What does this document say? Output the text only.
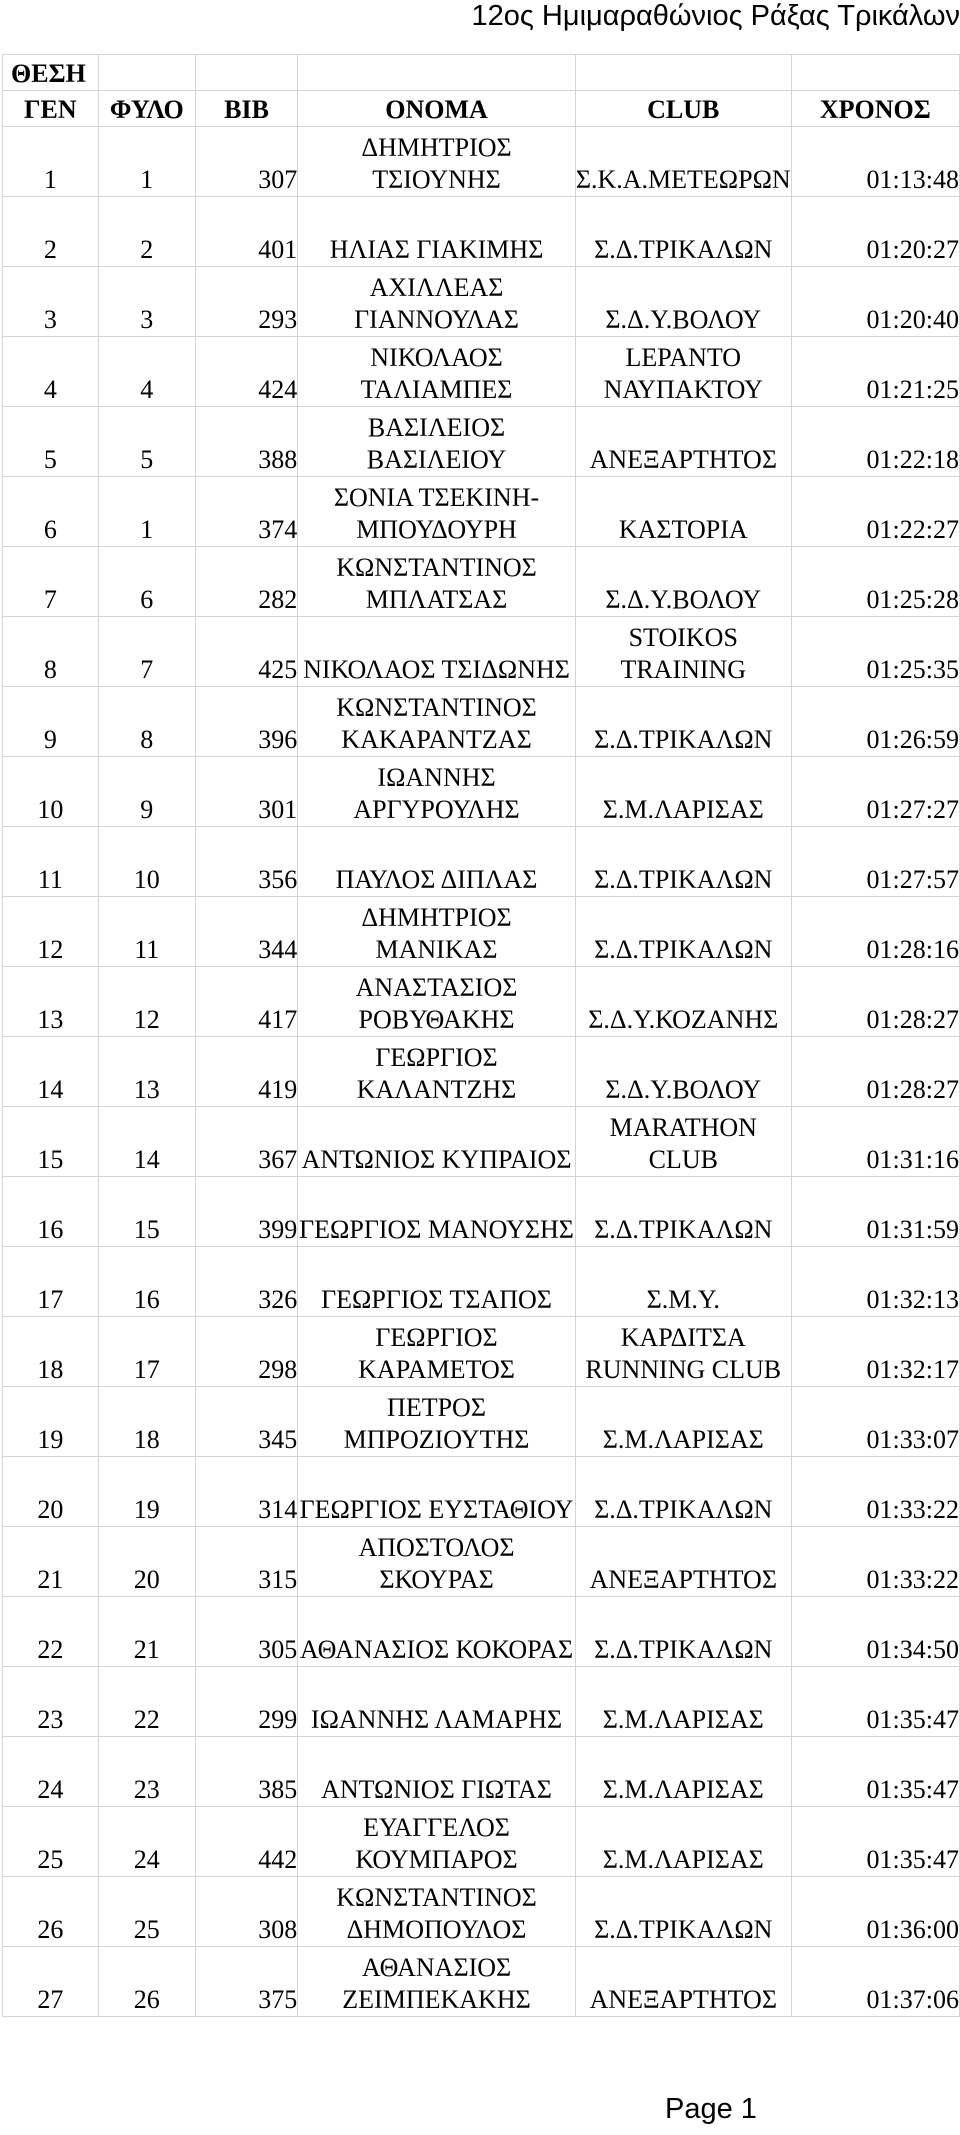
12ος Ημιμαραθώνιος Ράξας Τρικάλων
ΘΕΣΗ					
ΓΕΝ	ΦΥΛΟ	BIB	ΟΝΟΜΑ	CLUB	ΧΡΟΝΟΣ
1	1	307	ΔΗΜΗΤΡΙΟΣ ΤΣΙΟΥΝΗΣ	Σ.Κ.Α.ΜΕΤΕΩΡΩΝ	01:13:48
2	2	401	ΗΛΙΑΣ ΓΙΑΚΙΜΗΣ	Σ.Δ.ΤΡΙΚΑΛΩΝ	01:20:27
3	3	293	ΑΧΙΛΛΕΑΣ ΓΙΑΝΝΟΥΛΑΣ	Σ.Δ.Υ.ΒΟΛΟΥ	01:20:40
4	4	424	ΝΙΚΟΛΑΟΣ ΤΑΛΙΑΜΠΕΣ	LEPANTO ΝΑΥΠΑΚΤΟΥ	01:21:25
5	5	388	ΒΑΣΙΛΕΙΟΣ ΒΑΣΙΛΕΙΟΥ	ΑΝΕΞΑΡΤΗΤΟΣ	01:22:18
6	1	374	ΣΟΝΙΑ ΤΣΕΚΙΝΗ-ΜΠΟΥΔΟΥΡΗ	ΚΑΣΤΟΡΙΑ	01:22:27
7	6	282	ΚΩΝΣΤΑΝΤΙΝΟΣ ΜΠΛΑΤΣΑΣ	Σ.Δ.Υ.ΒΟΛΟΥ	01:25:28
8	7	425	ΝΙΚΟΛΑΟΣ ΤΣΙΔΩΝΗΣ	STOIKOS TRAINING	01:25:35
9	8	396	ΚΩΝΣΤΑΝΤΙΝΟΣ ΚΑΚΑΡΑΝΤΖΑΣ	Σ.Δ.ΤΡΙΚΑΛΩΝ	01:26:59
10	9	301	ΙΩΑΝΝΗΣ ΑΡΓΥΡΟΥΛΗΣ	Σ.Μ.ΛΑΡΙΣΑΣ	01:27:27
11	10	356	ΠΑΥΛΟΣ ΔΙΠΛΑΣ	Σ.Δ.ΤΡΙΚΑΛΩΝ	01:27:57
12	11	344	ΔΗΜΗΤΡΙΟΣ ΜΑΝΙΚΑΣ	Σ.Δ.ΤΡΙΚΑΛΩΝ	01:28:16
13	12	417	ΑΝΑΣΤΑΣΙΟΣ ΡΟΒΥΘΑΚΗΣ	Σ.Δ.Υ.ΚΟΖΑΝΗΣ	01:28:27
14	13	419	ΓΕΩΡΓΙΟΣ ΚΑΛΑΝΤΖΗΣ	Σ.Δ.Υ.ΒΟΛΟΥ	01:28:27
15	14	367	ΑΝΤΩΝΙΟΣ ΚΥΠΡΑΙΟΣ	MARATHON CLUB	01:31:16
16	15	399	ΓΕΩΡΓΙΟΣ ΜΑΝΟΥΣΗΣ	Σ.Δ.ΤΡΙΚΑΛΩΝ	01:31:59
17	16	326	ΓΕΩΡΓΙΟΣ ΤΣΑΠΟΣ	Σ.Μ.Υ.	01:32:13
18	17	298	ΓΕΩΡΓΙΟΣ ΚΑΡΑΜΕΤΟΣ	ΚΑΡΔΙΤΣΑ RUNNING CLUB	01:32:17
19	18	345	ΠΕΤΡΟΣ ΜΠΡΟΖΙΟΥΤΗΣ	Σ.Μ.ΛΑΡΙΣΑΣ	01:33:07
20	19	314	ΓΕΩΡΓΙΟΣ ΕΥΣΤΑΘΙΟΥ	Σ.Δ.ΤΡΙΚΑΛΩΝ	01:33:22
21	20	315	ΑΠΟΣΤΟΛΟΣ ΣΚΟΥΡΑΣ	ΑΝΕΞΑΡΤΗΤΟΣ	01:33:22
22	21	305	ΑΘΑΝΑΣΙΟΣ ΚΟΚΟΡΑΣ	Σ.Δ.ΤΡΙΚΑΛΩΝ	01:34:50
23	22	299	ΙΩΑΝΝΗΣ ΛΑΜΑΡΗΣ	Σ.Μ.ΛΑΡΙΣΑΣ	01:35:47
24	23	385	ΑΝΤΩΝΙΟΣ ΓΙΩΤΑΣ	Σ.Μ.ΛΑΡΙΣΑΣ	01:35:47
25	24	442	ΕΥΑΓΓΕΛΟΣ ΚΟΥΜΠΑΡΟΣ	Σ.Μ.ΛΑΡΙΣΑΣ	01:35:47
26	25	308	ΚΩΝΣΤΑΝΤΙΝΟΣ ΔΗΜΟΠΟΥΛΟΣ	Σ.Δ.ΤΡΙΚΑΛΩΝ	01:36:00
27	26	375	ΑΘΑΝΑΣΙΟΣ ΖΕΙΜΠΕΚΑΚΗΣ	ΑΝΕΞΑΡΤΗΤΟΣ	01:37:06
Page 1
